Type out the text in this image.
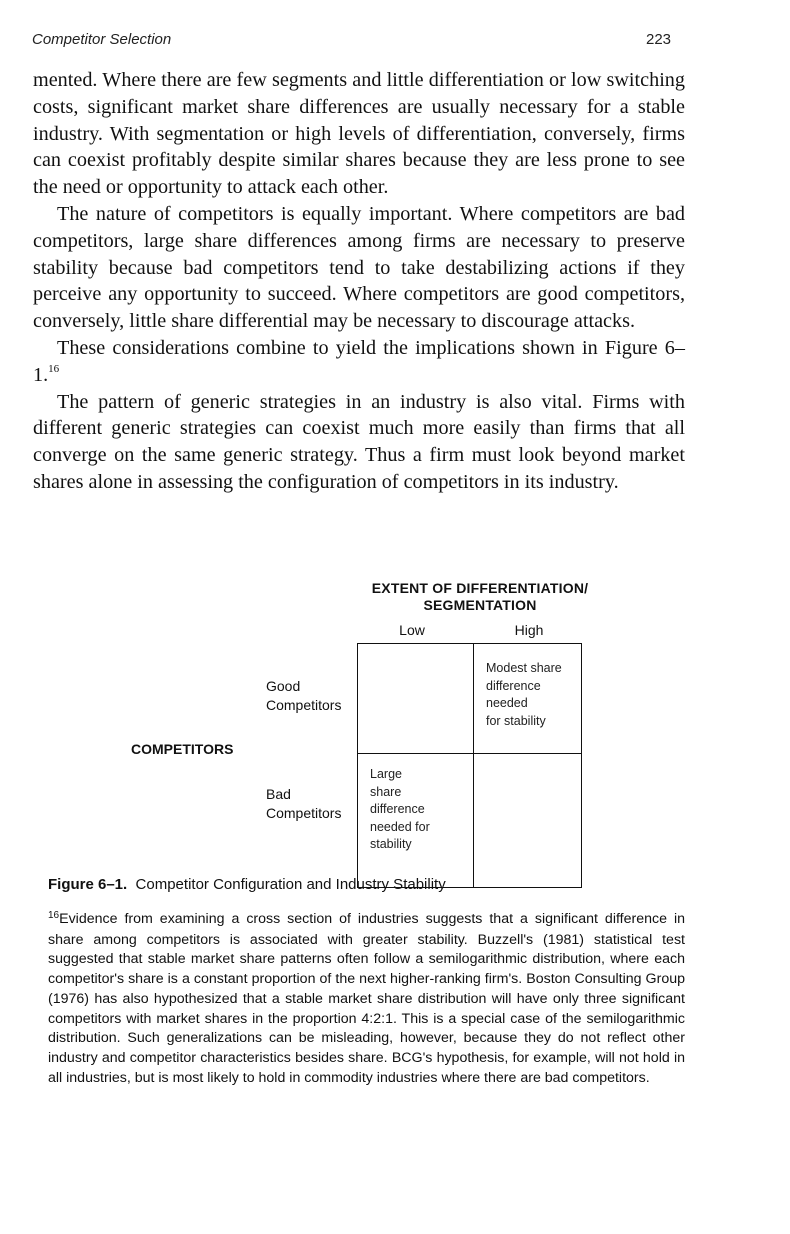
Competitor Selection	223

mented. Where there are few segments and little differentiation or low switching costs, significant market share differences are usually necessary for a stable industry. With segmentation or high levels of differentiation, conversely, firms can coexist profitably despite similar shares because they are less prone to see the need or opportunity to attack each other.

The nature of competitors is equally important. Where competitors are bad competitors, large share differences among firms are necessary to preserve stability because bad competitors tend to take destabilizing actions if they perceive any opportunity to succeed. Where competitors are good competitors, conversely, little share differential may be necessary to discourage attacks.

These considerations combine to yield the implications shown in Figure 6–1.16

The pattern of generic strategies in an industry is also vital. Firms with different generic strategies can coexist much more easily than firms that all converge on the same generic strategy. Thus a firm must look beyond market shares alone in assessing the configuration of competitors in its industry.

EXTENT OF DIFFERENTIATION/
SEGMENTATION
Low	High
COMPETITORS
Good
Competitors
Bad
Competitors
Modest share
difference
needed
for stability
Large
share
difference
needed for
stability
Figure 6–1. Competitor Configuration and Industry Stability

$^{16}$Evidence from examining a cross section of industries suggests that a significant difference in share among competitors is associated with greater stability. Buzzell's (1981) statistical test suggested that stable market share patterns often follow a semilogarithmic distribution, where each competitor's share is a constant proportion of the next higher-ranking firm's. Boston Consulting Group (1976) has also hypothesized that a stable market share distribution will have only three significant competitors with market shares in the proportion 4:2:1. This is a special case of the semilogarithmic distribution. Such generalizations can be misleading, however, because they do not reflect other industry and competitor characteristics besides share. BCG's hypothesis, for example, will not hold in all industries, but is most likely to hold in commodity industries where there are bad competitors.
